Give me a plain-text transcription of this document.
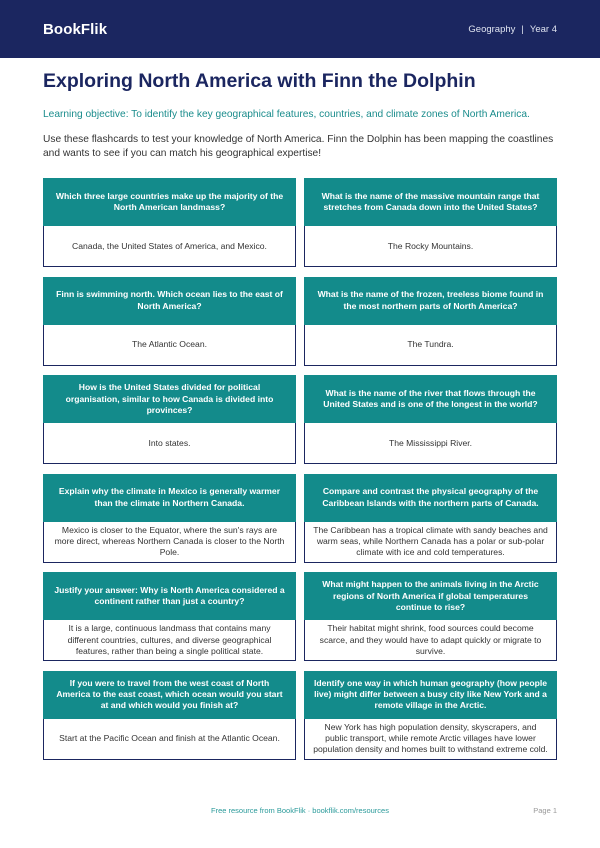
BookFlik	Geography | Year 4
Exploring North America with Finn the Dolphin

Learning objective: To identify the key geographical features, countries, and climate zones of North America.

Use these flashcards to test your knowledge of North America. Finn the Dolphin has been mapping the coastlines and wants to see if you can match his geographical expertise!

Which three large countries make up the majority of the North American landmass?
Canada, the United States of America, and Mexico.
What is the name of the massive mountain range that stretches from Canada down into the United States?
The Rocky Mountains.
Finn is swimming north. Which ocean lies to the east of North America?
The Atlantic Ocean.
What is the name of the frozen, treeless biome found in the most northern parts of North America?
The Tundra.
How is the United States divided for political organisation, similar to how Canada is divided into provinces?
Into states.
What is the name of the river that flows through the United States and is one of the longest in the world?
The Mississippi River.
Explain why the climate in Mexico is generally warmer than the climate in Northern Canada.
Mexico is closer to the Equator, where the sun's rays are more direct, whereas Northern Canada is closer to the North Pole.
Compare and contrast the physical geography of the Caribbean Islands with the northern parts of Canada.
The Caribbean has a tropical climate with sandy beaches and warm seas, while Northern Canada has a polar or sub-polar climate with ice and cold temperatures.
Justify your answer: Why is North America considered a continent rather than just a country?
It is a large, continuous landmass that contains many different countries, cultures, and diverse geographical features, rather than being a single political state.
What might happen to the animals living in the Arctic regions of North America if global temperatures continue to rise?
Their habitat might shrink, food sources could become scarce, and they would have to adapt quickly or migrate to survive.
If you were to travel from the west coast of North America to the east coast, which ocean would you start at and which would you finish at?
Start at the Pacific Ocean and finish at the Atlantic Ocean.
Identify one way in which human geography (how people live) might differ between a busy city like New York and a remote village in the Arctic.
New York has high population density, skyscrapers, and public transport, while remote Arctic villages have lower population density and homes built to withstand extreme cold.
Free resource from BookFlik · bookflik.com/resources	Page 1
